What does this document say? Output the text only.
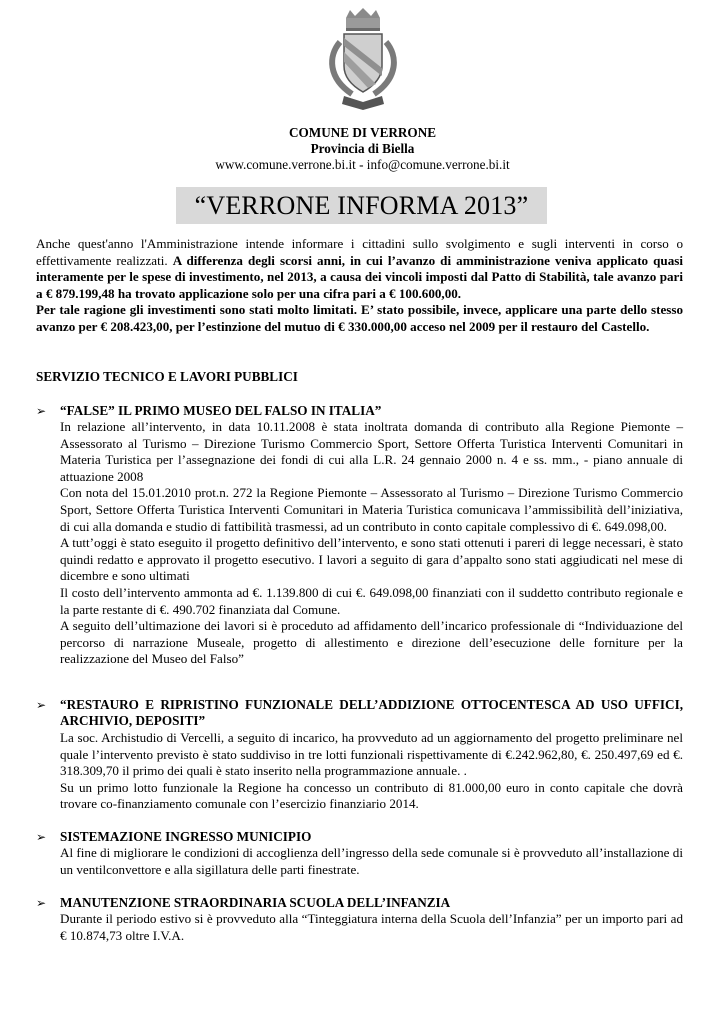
COMUNE DI VERRONE
Provincia di Biella
www.comune.verrone.bi.it - info@comune.verrone.bi.it
“VERRONE INFORMA 2013”

Anche quest'anno l'Amministrazione intende informare i cittadini sullo svolgimento e sugli interventi in corso o effettivamente realizzati. A differenza degli scorsi anni, in cui l’avanzo di amministrazione veniva applicato quasi interamente per le spese di investimento, nel 2013, a causa dei vincoli imposti dal Patto di Stabilità, tale avanzo pari a € 879.199,48 ha trovato applicazione solo per una cifra pari a € 100.600,00.

Per tale ragione gli investimenti sono stati molto limitati. E’ stato possibile, invece, applicare una parte dello stesso avanzo per € 208.423,00, per l’estinzione del mutuo di € 330.000,00 acceso nel 2009 per il restauro del Castello.

SERVIZIO TECNICO E LAVORI PUBBLICI
➢ “FALSE” IL PRIMO MUSEO DEL FALSO IN ITALIA”

In relazione all’intervento, in data 10.11.2008 è stata inoltrata domanda di contributo alla Regione Piemonte – Assessorato al Turismo – Direzione Turismo Commercio Sport, Settore Offerta Turistica Interventi Comunitari in Materia Turistica per l’assegnazione dei fondi di cui alla L.R. 24 gennaio 2000 n. 4 e ss. mm., - piano annuale di attuazione 2008

Con nota del 15.01.2010 prot.n. 272 la Regione Piemonte – Assessorato al Turismo – Direzione Turismo Commercio Sport, Settore Offerta Turistica Interventi Comunitari in Materia Turistica comunicava l’ammissibilità dell’iniziativa, di cui alla domanda e studio di fattibilità trasmessi, ad un contributo in conto capitale complessivo di €. 649.098,00.

A tutt’oggi è stato eseguito il progetto definitivo dell’intervento, e sono stati ottenuti i pareri di legge necessari, è stato quindi redatto e approvato il progetto esecutivo. I lavori a seguito di gara d’appalto sono stati aggiudicati nel mese di dicembre e sono ultimati

Il costo dell’intervento ammonta ad €. 1.139.800 di cui €. 649.098,00 finanziati con il suddetto contributo regionale e la parte restante di €. 490.702 finanziata dal Comune.

A seguito dell’ultimazione dei lavori si è proceduto ad affidamento dell’incarico professionale di “Individuazione del percorso di narrazione Museale, progetto di allestimento e direzione dell’esecuzione delle forniture per la realizzazione del Museo del Falso”

➢ “RESTAURO E RIPRISTINO FUNZIONALE DELL’ADDIZIONE OTTOCENTESCA AD USO UFFICI, ARCHIVIO, DEPOSITI”

La soc. Archistudio di Vercelli, a seguito di incarico, ha provveduto ad un aggiornamento del progetto preliminare nel quale l’intervento previsto è stato suddiviso in tre lotti funzionali rispettivamente di €.242.962,80, €. 250.497,69 ed €. 318.309,70 il primo dei quali è stato inserito nella programmazione annuale. .

Su un primo lotto funzionale la Regione ha concesso un contributo di 81.000,00 euro in conto capitale che dovrà trovare co-finanziamento comunale con l’esercizio finanziario 2014.

➢ SISTEMAZIONE INGRESSO MUNICIPIO

Al fine di migliorare le condizioni di accoglienza dell’ingresso della sede comunale si è provveduto all’installazione di un ventilconvettore e alla sigillatura delle parti finestrate.

➢ MANUTENZIONE STRAORDINARIA SCUOLA DELL’INFANZIA

Durante il periodo estivo si è provveduto alla “Tinteggiatura interna della Scuola dell’Infanzia” per un importo pari ad € 10.874,73 oltre I.V.A.
